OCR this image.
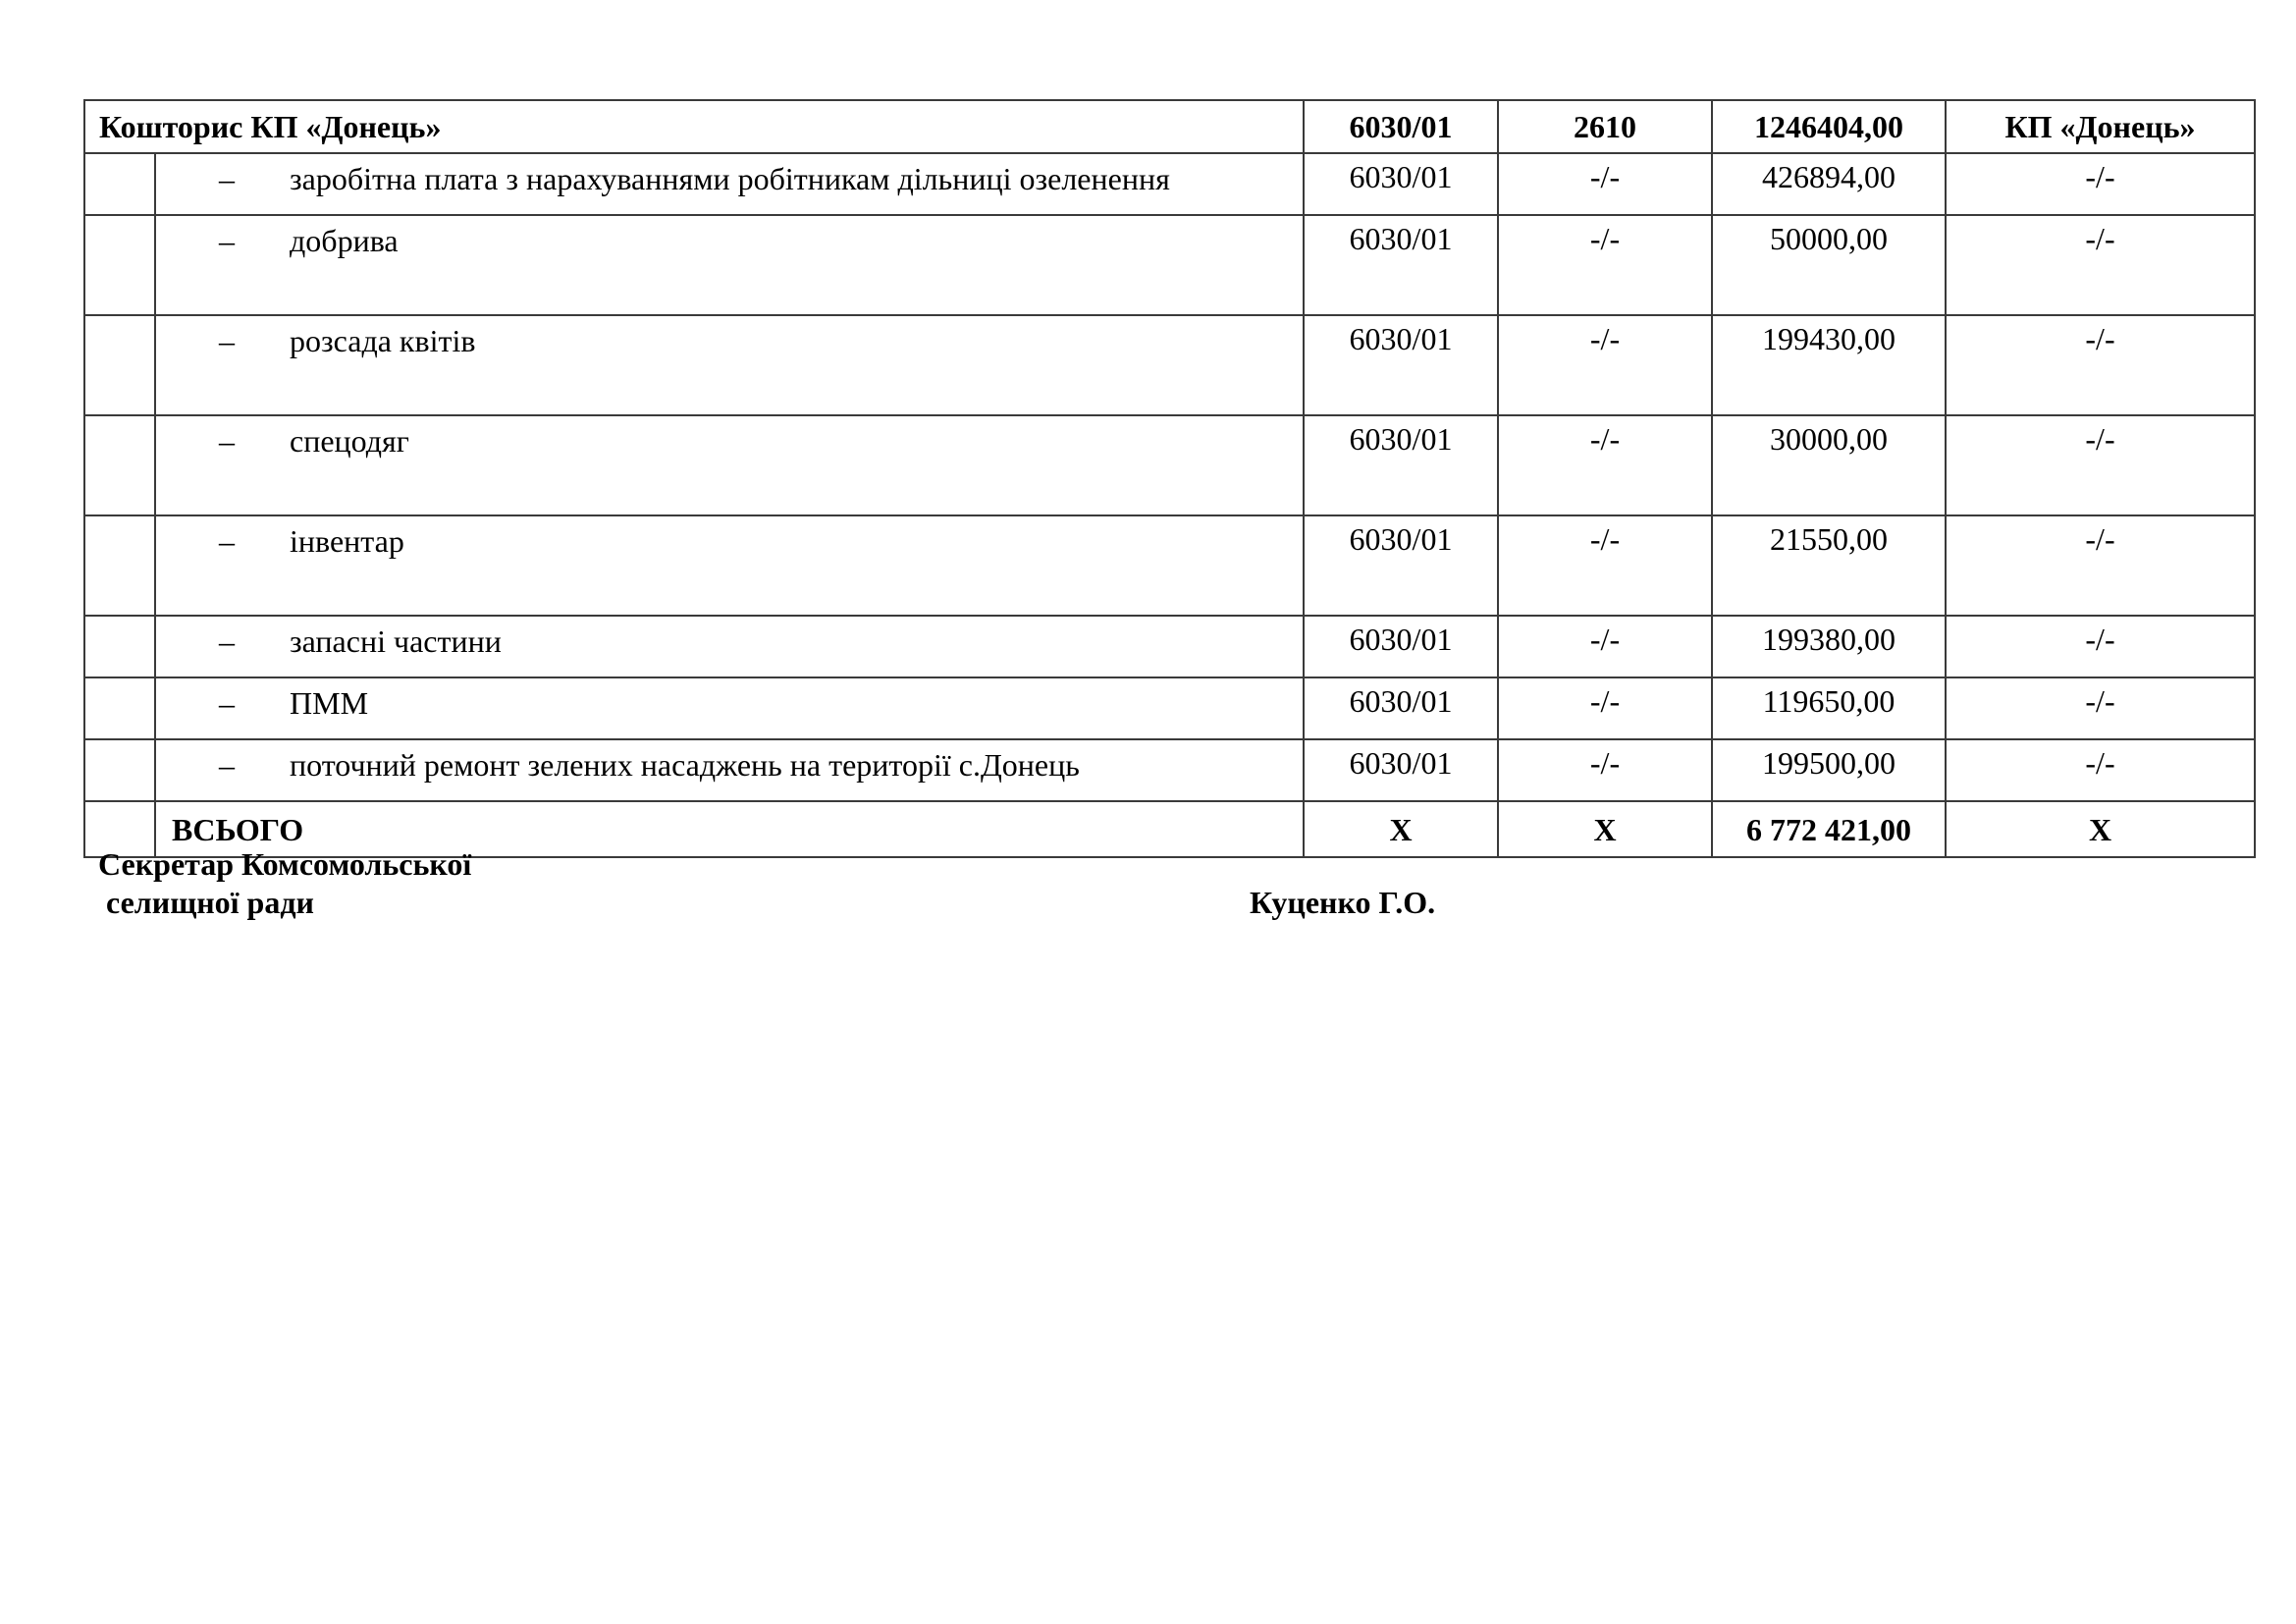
Кошторис КП «Донець»		6030/01	2610	1246404,00	КП «Донець»

	– заробітна плата з нарахуваннями робітникам дільниці озеленення	6030/01	-/-	426894,00	-/-

	– добрива	6030/01	-/-	50000,00	-/-

	– розсада квітів	6030/01	-/-	199430,00	-/-

	– спецодяг	6030/01	-/-	30000,00	-/-

	– інвентар	6030/01	-/-	21550,00	-/-

	– запасні частини	6030/01	-/-	199380,00	-/-

	– ПММ	6030/01	-/-	119650,00	-/-

	– поточний ремонт зелених насаджень на території с.Донець	6030/01	-/-	199500,00	-/-
	ВСЬОГО	Х	Х	6 772 421,00	Х
Секретар Комсомольської
селищної ради	Куценко Г.О.
